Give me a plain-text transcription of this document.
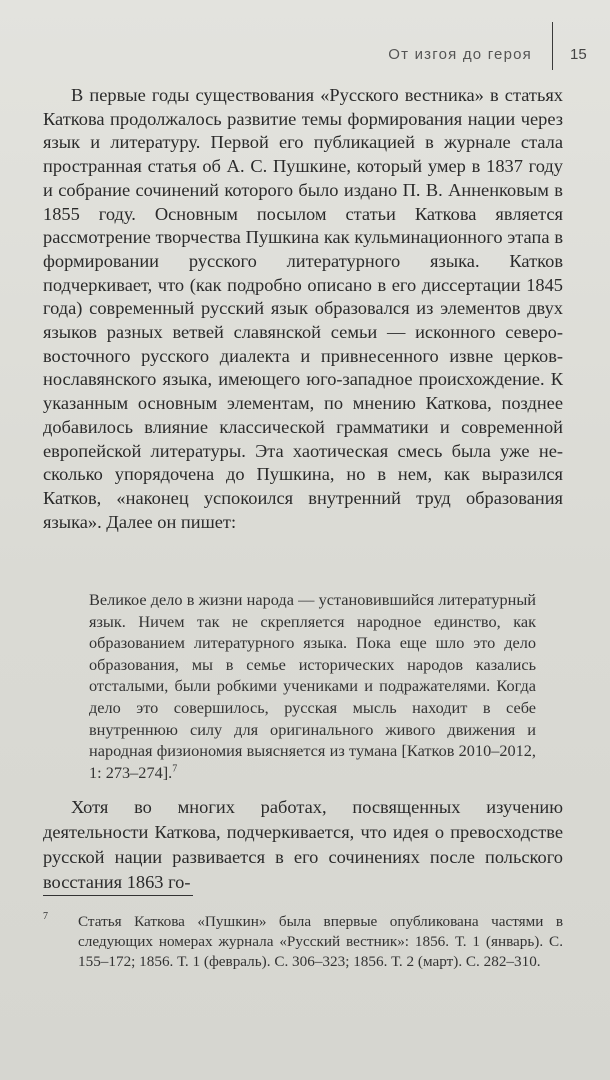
От изгоя до героя	15

В первые годы существования «Русского вестника» в статьях Каткова продолжалось развитие темы формирования нации через язык и литературу. Первой его публикацией в журнале стала пространная статья об А. С. Пушкине, который умер в 1837 году и собрание сочинений которого было издано П. В. Анненковым в 1855 году. Основным посылом статьи Каткова является рассмотрение творчества Пушкина как кульминационного этапа в формировании русского литературного языка. Катков подчеркивает, что (как подробно описано в его диссертации 1845 года) современный русский язык образовался из элементов двух языков разных ветвей славянской семьи — исконного северо-восточного русского диалекта и привнесенного извне церковнославянского языка, имеющего юго-западное происхождение. К указанным основным элементам, по мнению Каткова, позднее добавилось влияние классической грамматики и современной европейской литературы. Эта хаотическая смесь была уже несколько упорядочена до Пушкина, но в нем, как выразился Катков, «наконец успокоился внутренний труд образования языка». Далее он пишет:

Великое дело в жизни народа — установившийся литературный язык. Ничем так не скрепляется народное единство, как образованием литературного языка. Пока еще шло это дело образования, мы в семье исторических народов казались отсталыми, были робкими учениками и подражателями. Когда дело это совершилось, русская мысль находит в себе внутреннюю силу для оригинального живого движения и народная физиономия выясняется из тумана [Катков 2010–2012, 1: 273–274].$^7$

Хотя во многих работах, посвященных изучению деятельности Каткова, подчеркивается, что идея о превосходстве русской нации развивается в его сочинениях после польского восстания 1863 го-

7 Статья Каткова «Пушкин» была впервые опубликована частями в следующих номерах журнала «Русский вестник»: 1856. Т. 1 (январь). С. 155–172; 1856. Т. 1 (февраль). С. 306–323; 1856. Т. 2 (март). С. 282–310.
